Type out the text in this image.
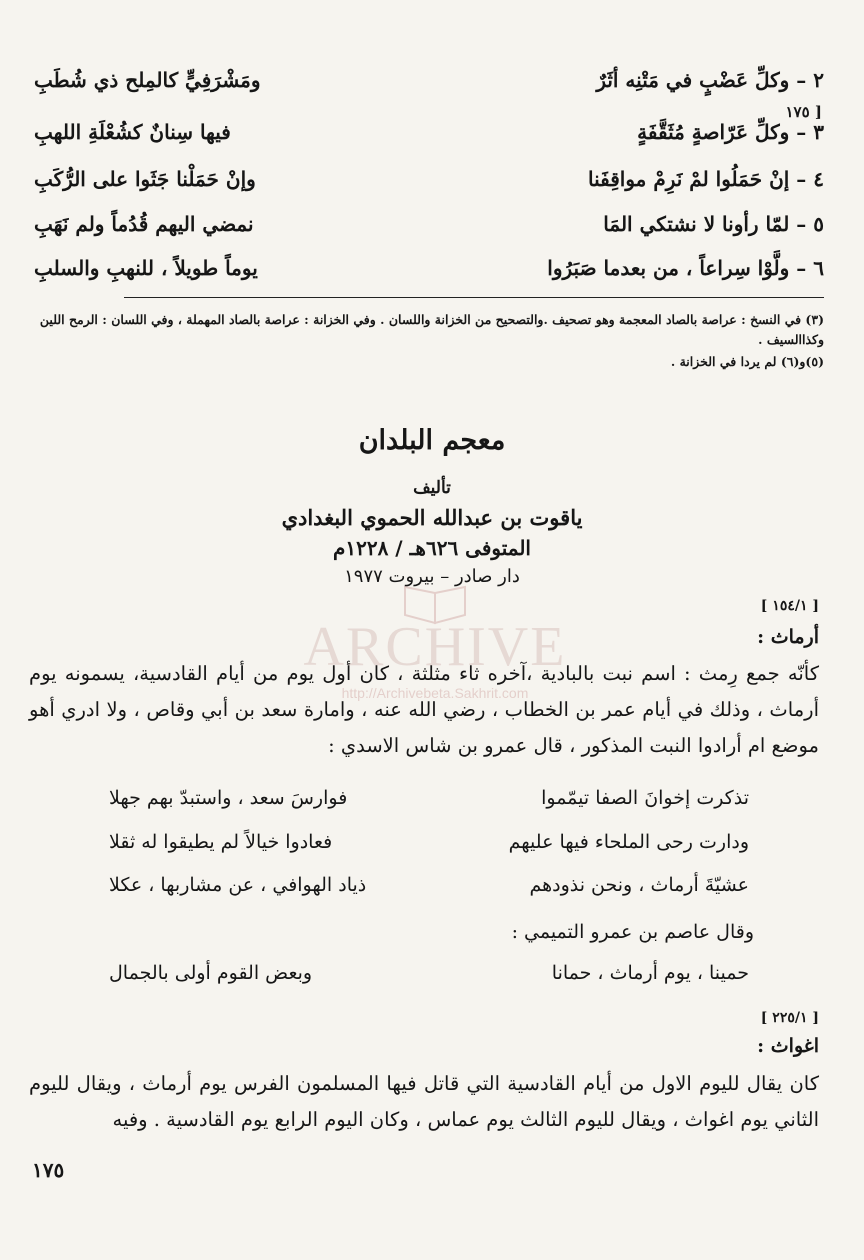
٢ – وكلِّ عَضْبٍ في مَتْنِه أثَرٌ
ومَشْرَفِيٍّ كالمِلح ذي شُطَبِ
[ ١٧٥
٣ – وكلِّ عَرّاصةٍ مُثَقَّفَةٍ
فيها سِنانٌ كشُعْلَةِ اللهبِ
٤ – إنْ حَمَلُوا لمْ نَرِمْ مواقِفَنا
وإنْ حَمَلْنا جَثَوا على الرُّكَبِ
٥ – لمّا رأونا لا نشتكي المَا
نمضي اليهم قُدُماً ولم نَهَبِ
٦ – ولَّوْا سِراعاً ، من بعدما صَبَرُوا
يوماً طويلاً ، للنهبِ والسلبِ

(٣) في النسخ : عراصة بالصاد المعجمة وهو تصحيف .والتصحيح من الخزانة واللسان . وفي الخزانة : عراصة بالصاد المهملة ، وفي اللسان : الرمح اللين وكذاالسيف .

(٥)و(٦) لم يردا في الخزانة .

معجم البلدان
تأليف
ياقوت بن عبدالله الحموي البغدادي
المتوفى ٦٢٦هـ / ١٢٢٨م
دار صادر – بيروت ١٩٧٧
ARCHIVE
http://Archivebeta.Sakhrit.com
[ ١٥٤/١ ]
أرماث :
كأنّه جمع رِمث : اسم نبت بالبادية ،آخره ثاء مثلثة ، كان أول يوم من أيام القادسية، يسمونه يوم أرماث ، وذلك في أيام عمر بن الخطاب ، رضي الله عنه ، وامارة سعد بن أبي وقاص ، ولا ادري أهو موضع ام أرادوا النبت المذكور ، قال عمرو بن شاس الاسدي :
تذكرت إخوانَ الصفا تيمّموا
فوارسَ سعد ، واستبدّ بهم جهلا
ودارت رحى الملحاء فيها عليهم
فعادوا خيالاً لم يطيقوا له ثقلا
عشيّةَ أرماث ، ونحن نذودهم
ذياد الهوافي ، عن مشاربها ، عكلا
وقال عاصم بن عمرو التميمي :
حمينا ، يوم أرماث ، حمانا
وبعض القوم أولى بالجمال
[ ٢٢٥/١ ]
اغواث :
كان يقال لليوم الاول من أيام القادسية التي قاتل فيها المسلمون الفرس يوم أرماث ، ويقال لليوم الثاني يوم اغواث ، ويقال لليوم الثالث يوم عماس ، وكان اليوم الرابع يوم القادسية . وفيه
١٧٥
